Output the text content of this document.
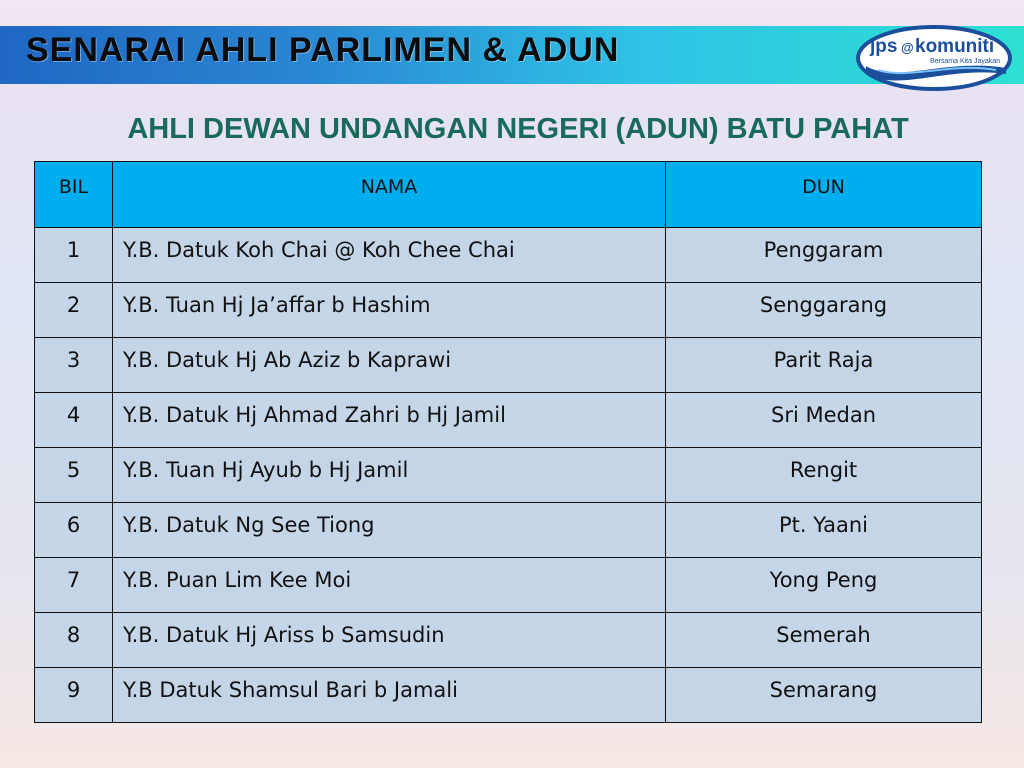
SENARAI AHLI PARLIMEN & ADUN	jps @ komuniti
Bersama Kita Jayakan
AHLI DEWAN UNDANGAN NEGERI (ADUN) BATU PAHAT
BIL	NAMA	DUN
1	Y.B. Datuk Koh Chai @ Koh Chee Chai	Penggaram
2	Y.B. Tuan Hj Ja’affar b Hashim	Senggarang
3	Y.B. Datuk Hj Ab Aziz b Kaprawi	Parit Raja
4	Y.B. Datuk Hj Ahmad Zahri b Hj Jamil	Sri Medan
5	Y.B. Tuan Hj Ayub b Hj Jamil	Rengit
6	Y.B. Datuk Ng See Tiong	Pt. Yaani
7	Y.B. Puan Lim Kee Moi	Yong Peng
8	Y.B. Datuk Hj Ariss b Samsudin	Semerah
9	Y.B Datuk Shamsul Bari b Jamali	Semarang
